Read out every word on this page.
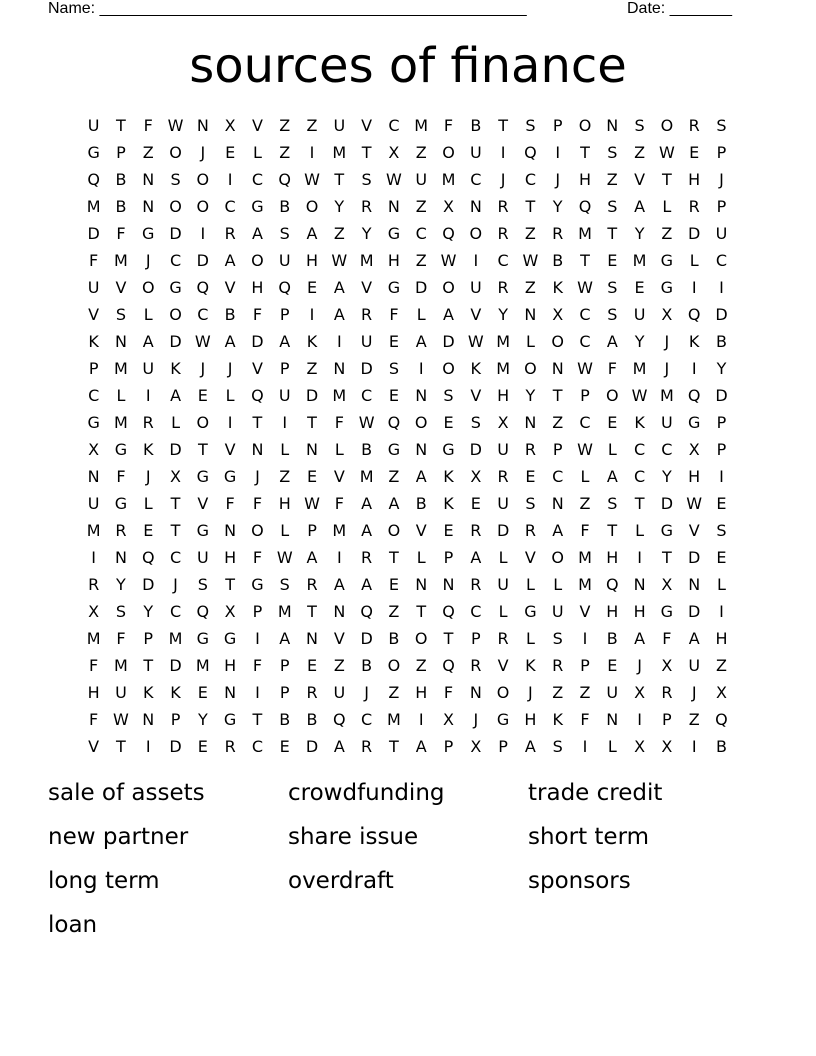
Name: ________________________________________________	Date: _______
sources of finance
U	T	F W N X	V	Z	Z U V	C M F	B	T	S	P	O N	S O R	S
G	P	Z O	J	E	L	Z	I	M T	X	Z O U	I	Q	I	T	S	Z W E	P
Q B N	S O	I	C Q W T	S W U M C	J	C	J	H Z	V	T	H	J
M B N O O C G B O	Y	R N Z	X N R	T	Y	Q S	A	L	R	P
D	F	G D	I	R	A	S	A	Z	Y	G C Q O R	Z	R M T	Y	Z D U
F M	J	C D A O U H W M H Z W	I	C W B	T	E M G	L	C
U V O G Q V H Q E	A	V G D O U R	Z	K W S	E	G	I	I
V	S	L	O C	B	F	P	I	A	R	F	L	A	V	Y	N X	C	S	U X Q D
K	N A D W A D A	K	I	U	E	A D W M L	O C	A	Y	J	K	B
P M U	K	J	J	V	P	Z N D	S	I	O K M O N W F M	J	I	Y
C	L	I	A	E	L	Q U D M C	E	N	S	V H	Y	T	P	O W M Q D
G M R	L	O	I	T	I	T	F W Q O E	S	X N Z	C	E	K	U G	P
X G K D	T	V N	L	N	L	B G N G D U R	P W L	C	C	X	P
N	F	J	X G G	J	Z	E	V M Z	A	K	X	R	E	C	L	A	C	Y	H	I
U G	L	T	V	F	F	H W F	A	A	B	K	E	U	S	N Z	S	T	D W E
M R	E	T	G N O	L	P M A O V	E	R D R	A	F	T	L	G V	S
I	N Q C U H	F W A	I	R	T	L	P	A	L	V O M H	I	T	D	E
R	Y	D	J	S	T	G	S	R	A	A	E	N N R U	L	L M Q N X N	L
X	S	Y	C Q X	P M T	N Q Z	T	Q C	L	G U V H H G D	I
M F	P M G G	I	A N V D B O	T	P	R	L	S	I	B	A	F	A H
F M T	D M H	F	P	E	Z	B O Z Q R	V	K	R	P	E	J	X U Z
H U	K	K	E	N	I	P	R U	J	Z H	F	N O	J	Z	Z U X	R	J	X
F W N	P	Y	G	T	B	B Q C M	I	X	J	G H	K	F	N	I	P	Z Q
V	T	I	D	E	R	C	E	D A	R	T	A	P	X	P	A	S	I	L	X	X	I	B
sale of assets	crowdfunding	trade credit
new partner	share issue	short term
long term	overdraft	sponsors
loan
